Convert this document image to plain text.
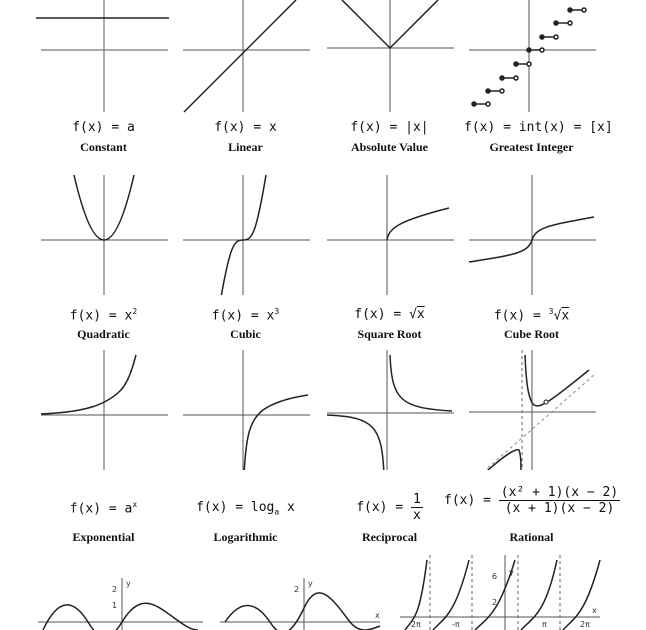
f(x) = a
Constant
f(x) = x
Linear
f(x) = |x|
Absolute Value
f(x) = int(x) = [x]
Greatest Integer
$f(x) = x^2$
Quadratic
$f(x) = x^3$
Cubic
f(x) = √x
Square Root
f(x) = $^3$√x
Cube Root
$f(x) = a^x$
Exponential
$f(x) = \log_a x$
Logarithmic
$f(x) = \frac{1}{x}$
Reciprocal
$f(x) = \frac{\text{(x² + 1)(x − 2)}}{(x + 1)(x - 2)}$
Rational
2
1
y
2
y
x
6
2
y
x
-2π	-π	π	2π
